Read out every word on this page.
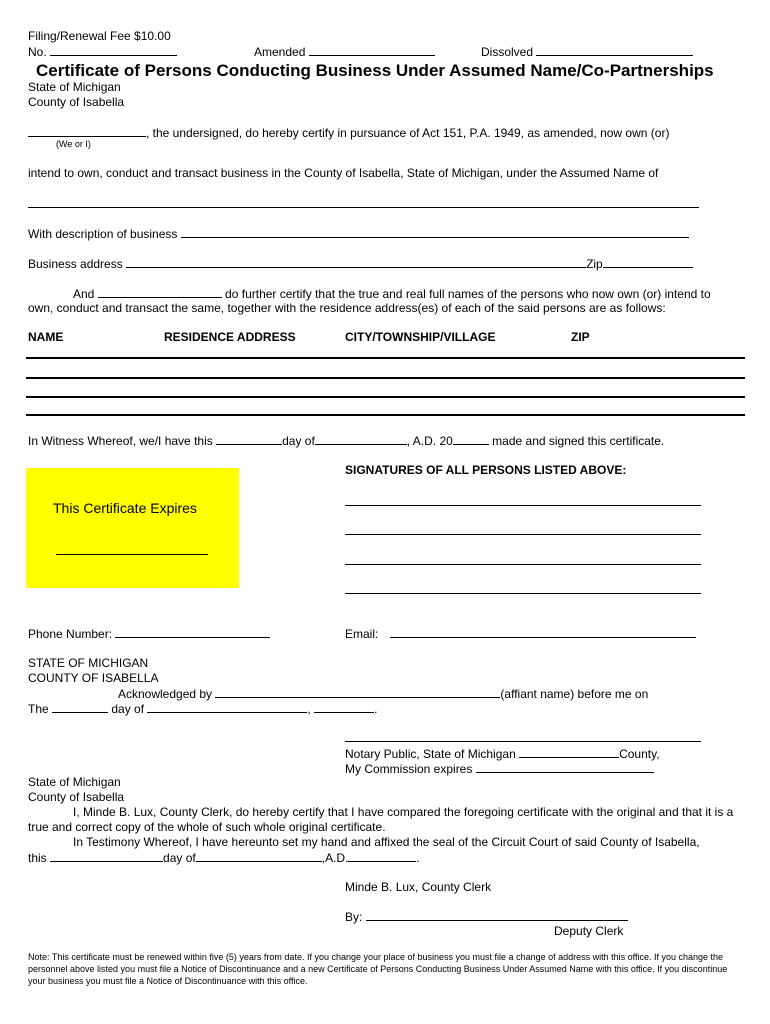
Filing/Renewal Fee $10.00
No.	Amended	Dissolved
Certificate of Persons Conducting Business Under Assumed Name/Co-Partnerships
State of Michigan
County of Isabella
, the undersigned, do hereby certify in pursuance of Act 151, P.A. 1949, as amended, now own (or)
(We or I)
intend to own, conduct and transact business in the County of Isabella, State of Michigan, under the Assumed Name of
With description of business
Business address	Zip
And	do further certify that the true and real full names of the persons who now own (or) intend to
own, conduct and transact the same, together with the residence address(es) of each of the said persons are as follows:
NAME	RESIDENCE ADDRESS	CITY/TOWNSHIP/VILLAGE	ZIP
In Witness Whereof, we/I have this	day of	, A.D. 20	made and signed this certificate.
SIGNATURES OF ALL PERSONS LISTED ABOVE:
This Certificate Expires
Phone Number:	Email:
STATE OF MICHIGAN
COUNTY OF ISABELLA
Acknowledged by	(affiant name) before me on
The	day of	,	.
Notary Public, State of Michigan	County,
My Commission expires
State of Michigan
County of Isabella
I, Minde B. Lux, County Clerk, do hereby certify that I have compared the foregoing certificate with the original and that it is a true and correct copy of the whole of such whole original certificate.
In Testimony Whereof, I have hereunto set my hand and affixed the seal of the Circuit Court of said County of Isabella,
this	day of	,A.D.	.
Minde B. Lux, County Clerk
By:
Deputy Clerk
Note: This certificate must be renewed within five (5) years from date. If you change your place of business you must file a change of address with this office. If you change the personnel above listed you must file a Notice of Discontinuance and a new Certificate of Persons Conducting Business Under Assumed Name with this office. If you discontinue your business you must file a Notice of Discontinuance with this office.
